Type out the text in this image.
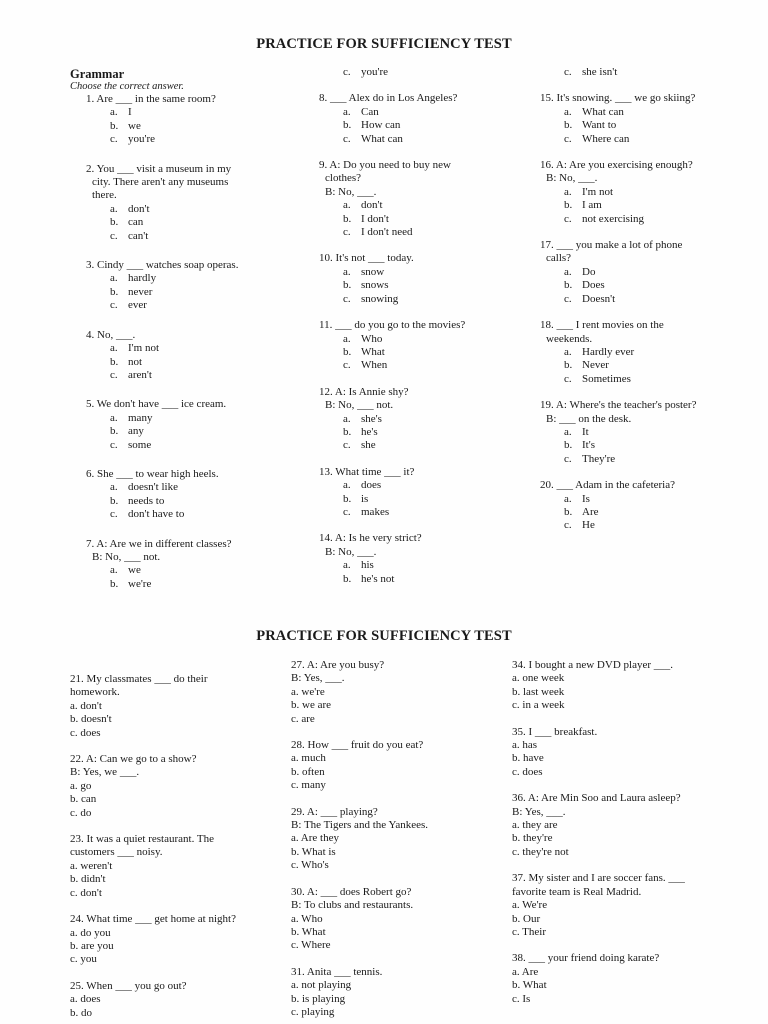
PRACTICE FOR SUFFICIENCY TEST
Grammar
Choose the correct answer.
1. Are ___ in the same room?
a. I
b. we
c. you're
2. You ___ visit a museum in my
city. There aren't any museums
there.
a. don't
b. can
c. can't
3. Cindy ___ watches soap operas.
a. hardly
b. never
c. ever
4. No, ___.
a. I'm not
b. not
c. aren't
5. We don't have ___ ice cream.
a. many
b. any
c. some
6. She ___ to wear high heels.
a. doesn't like
b. needs to
c. don't have to
7. A: Are we in different classes?
B: No, ___ not.
a. we
b. we're
c. you're
8. ___ Alex do in Los Angeles?
a. Can
b. How can
c. What can
9. A: Do you need to buy new
clothes?
B: No, ___.
a. don't
b. I don't
c. I don't need
10. It's not ___ today.
a. snow
b. snows
c. snowing
11. ___ do you go to the movies?
a. Who
b. What
c. When
12. A: Is Annie shy?
B: No, ___ not.
a. she's
b. he's
c. she
13. What time ___ it?
a. does
b. is
c. makes
14. A: Is he very strict?
B: No, ___.
a. his
b. he's not
c. she isn't
15. It's snowing. ___ we go skiing?
a. What can
b. Want to
c. Where can
16. A: Are you exercising enough?
B: No, ___.
a. I'm not
b. I am
c. not exercising
17. ___ you make a lot of phone
calls?
a. Do
b. Does
c. Doesn't
18. ___ I rent movies on the
weekends.
a. Hardly ever
b. Never
c. Sometimes
19. A: Where's the teacher's poster?
B: ___ on the desk.
a. It
b. It's
c. They're
20. ___ Adam in the cafeteria?
a. Is
b. Are
c. He
PRACTICE FOR SUFFICIENCY TEST
21. My classmates ___ do their
homework.
a. don't
b. doesn't
c. does
22. A: Can we go to a show?
B: Yes, we ___.
a. go
b. can
c. do
23. It was a quiet restaurant. The
customers ___ noisy.
a. weren't
b. didn't
c. don't
24. What time ___ get home at night?
a. do you
b. are you
c. you
25. When ___ you go out?
a. does
b. do
27. A: Are you busy?
B: Yes, ___.
a. we're
b. we are
c. are
28. How ___ fruit do you eat?
a. much
b. often
c. many
29. A: ___ playing?
B: The Tigers and the Yankees.
a. Are they
b. What is
c. Who's
30. A: ___ does Robert go?
B: To clubs and restaurants.
a. Who
b. What
c. Where
31. Anita ___ tennis.
a. not playing
b. is playing
c. playing
34. I bought a new DVD player ___.
a. one week
b. last week
c. in a week
35. I ___ breakfast.
a. has
b. have
c. does
36. A: Are Min Soo and Laura asleep?
B: Yes, ___.
a. they are
b. they're
c. they're not
37. My sister and I are soccer fans. ___
favorite team is Real Madrid.
a. We're
b. Our
c. Their
38. ___ your friend doing karate?
a. Are
b. What
c. Is
